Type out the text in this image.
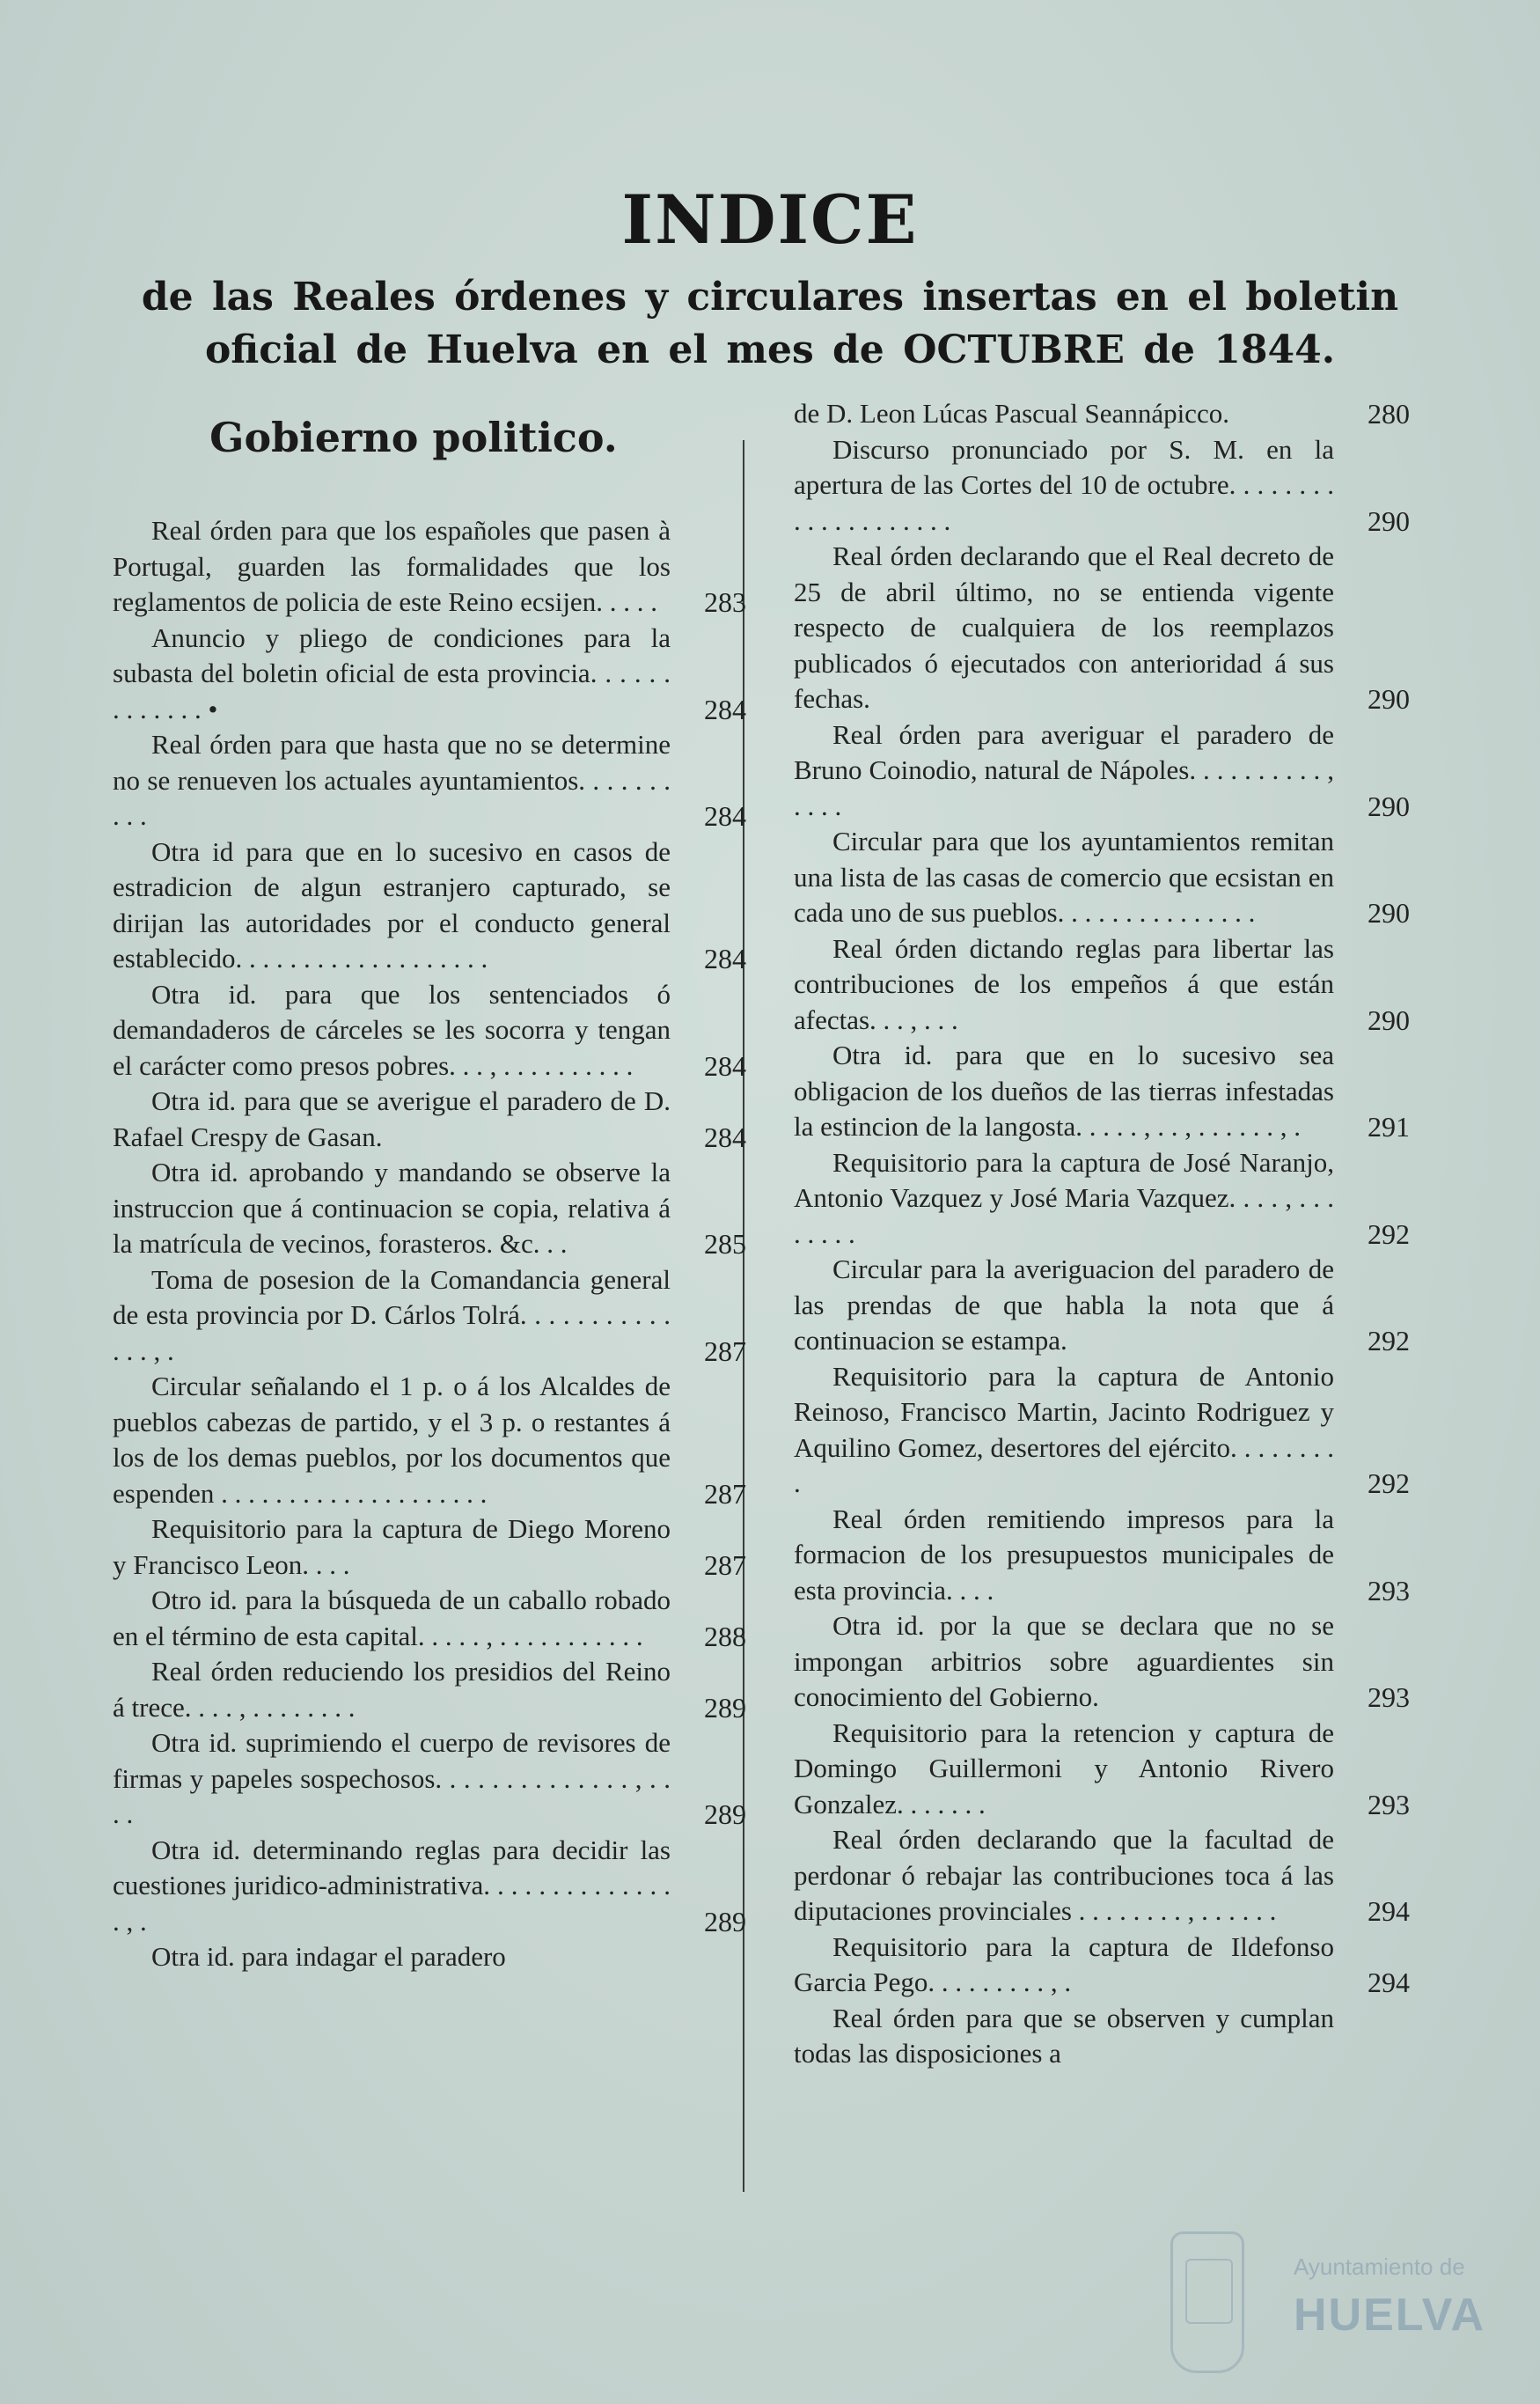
INDICE
de las Reales órdenes y circulares insertas en el boletin
oficial de Huelva en el mes de OCTUBRE de 1844.
Gobierno politico.
Real órden para que los españoles que pasen à Portugal, guarden las formalidades que los reglamentos de policia de este Reino ecsijen. . . . .	283
Anuncio y pliego de condiciones para la subasta del boletin oficial de esta provincia. . . . . . . . . . . . . •	284
Real órden para que hasta que no se determine no se renueven los actuales ayuntamientos. . . . . . . . . .	284
Otra id para que en lo sucesivo en casos de estradicion de algun estranjero capturado, se dirijan las autoridades por el conducto general establecido. . . . . . . . . . . . . . . . . . .	284
Otra id. para que los sentenciados ó demandaderos de cárceles se les socorra y tengan el carácter como presos pobres. . . , . . . . . . . . . .	284
Otra id. para que se averigue el paradero de D. Rafael Crespy de Gasan.	284
Otra id. aprobando y mandando se observe la instruccion que á continuacion se copia, relativa á la matrícula de vecinos, forasteros. &c. . .	285
Toma de posesion de la Comandancia general de esta provincia por D. Cárlos Tolrá. . . . . . . . . . . . . . , .	287
Circular señalando el 1 p. o á los Alcaldes de pueblos cabezas de partido, y el 3 p. o restantes á los de los demas pueblos, por los documentos que espenden . . . . . . . . . . . . . . . . . . . .	287
Requisitorio para la captura de Diego Moreno y Francisco Leon. . . .	287
Otro id. para la búsqueda de un caballo robado en el término de esta capital. . . . . , . . . . . . . . . . .	288
Real órden reduciendo los presidios del Reino á trece. . . . , . . . . . . . .	289
Otra id. suprimiendo el cuerpo de revisores de firmas y papeles sospechosos. . . . . . . . . . . . . . , . . . .	289
Otra id. determinando reglas para decidir las cuestiones juridico-administrativa. . . . . . . . . . . . . . . , .	289
Otra id. para indagar el paradero
de D. Leon Lúcas Pascual Seannápicco.	280
Discurso pronunciado por S. M. en la apertura de las Cortes del 10 de octubre. . . . . . . . . . . . . . . . . . . .	290
Real órden declarando que el Real decreto de 25 de abril último, no se entienda vigente respecto de cualquiera de los reemplazos publicados ó ejecutados con anterioridad á sus fechas.	290
Real órden para averiguar el paradero de Bruno Coinodio, natural de Nápoles. . . . . . . . . . , . . . .	290
Circular para que los ayuntamientos remitan una lista de las casas de comercio que ecsistan en cada uno de sus pueblos. . . . . . . . . . . . . . .	290
Real órden dictando reglas para libertar las contribuciones de los empeños á que están afectas. . . , . . .	290
Otra id. para que en lo sucesivo sea obligacion de los dueños de las tierras infestadas la estincion de la langosta. . . . . , . . , . . . . . . , .	291
Requisitorio para la captura de José Naranjo, Antonio Vazquez y José Maria Vazquez. . . . , . . . . . . . .	292
Circular para la averiguacion del paradero de las prendas de que habla la nota que á continuacion se estampa.	292
Requisitorio para la captura de Antonio Reinoso, Francisco Martin, Jacinto Rodriguez y Aquilino Gomez, desertores del ejército. . . . . . . . .	292
Real órden remitiendo impresos para la formacion de los presupuestos municipales de esta provincia. . . .	293
Otra id. por la que se declara que no se impongan arbitrios sobre aguardientes sin conocimiento del Gobierno.	293
Requisitorio para la retencion y captura de Domingo Guillermoni y Antonio Rivero Gonzalez. . . . . . .	293
Real órden declarando que la facultad de perdonar ó rebajar las contribuciones toca á las diputaciones provinciales . . . . . . . . , . . . . . .	294
Requisitorio para la captura de Ildefonso Garcia Pego. . . . . . . . . , .	294
Real órden para que se observen y cumplan todas las disposiciones a
Ayuntamiento de
HUELVA
